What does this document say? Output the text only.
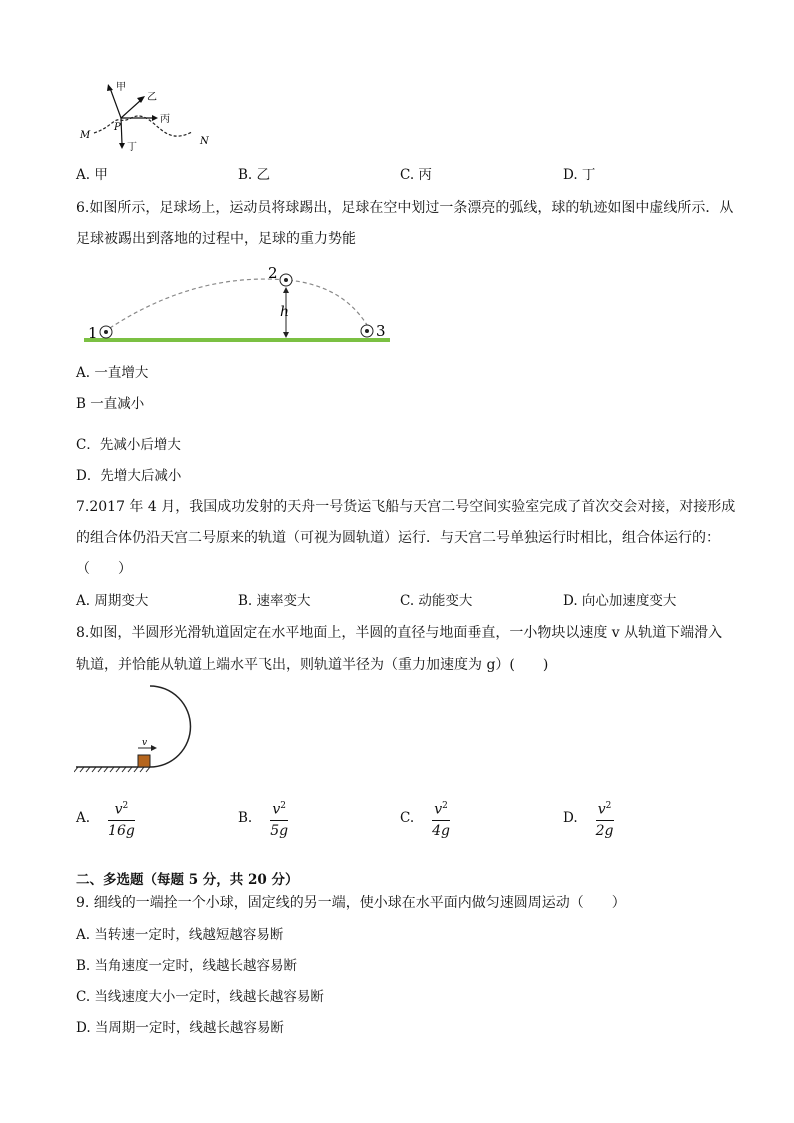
甲
乙
丙
丁
P
M
N
A. 甲	B. 乙	C. 丙	D. 丁
6.如图所示，足球场上，运动员将球踢出，足球在空中划过一条漂亮的弧线，球的轨迹如图中虚线所示．从
足球被踢出到落地的过程中，足球的重力势能
1
2
3
h
A. 一直增大
B 一直减小
C．先减小后增大
D．先增大后减小
7.2017 年 4 月，我国成功发射的天舟一号货运飞船与天宫二号空间实验室完成了首次交会对接，对接形成
的组合体仍沿天宫二号原来的轨道（可视为圆轨道）运行．与天宫二号单独运行时相比，组合体运行的：
（　　）
A. 周期变大	B. 速率变大	C. 动能变大	D. 向心加速度变大
8.如图，半圆形光滑轨道固定在水平地面上，半圆的直径与地面垂直，一小物块以速度 v 从轨道下端滑入
轨道，并恰能从轨道上端水平飞出，则轨道半径为（重力加速度为 g）(　　)
v
A. $\frac{v^2}{16g}$	B. $\frac{v^2}{5g}$	C. $\frac{v^2}{4g}$	D. $\frac{v^2}{2g}$
二、多选题（每题 5 分，共 20 分）
9. 细线的一端拴一个小球，固定线的另一端，使小球在水平面内做匀速圆周运动（　　）
A. 当转速一定时，线越短越容易断
B. 当角速度一定时，线越长越容易断
C. 当线速度大小一定时，线越长越容易断
D. 当周期一定时，线越长越容易断
